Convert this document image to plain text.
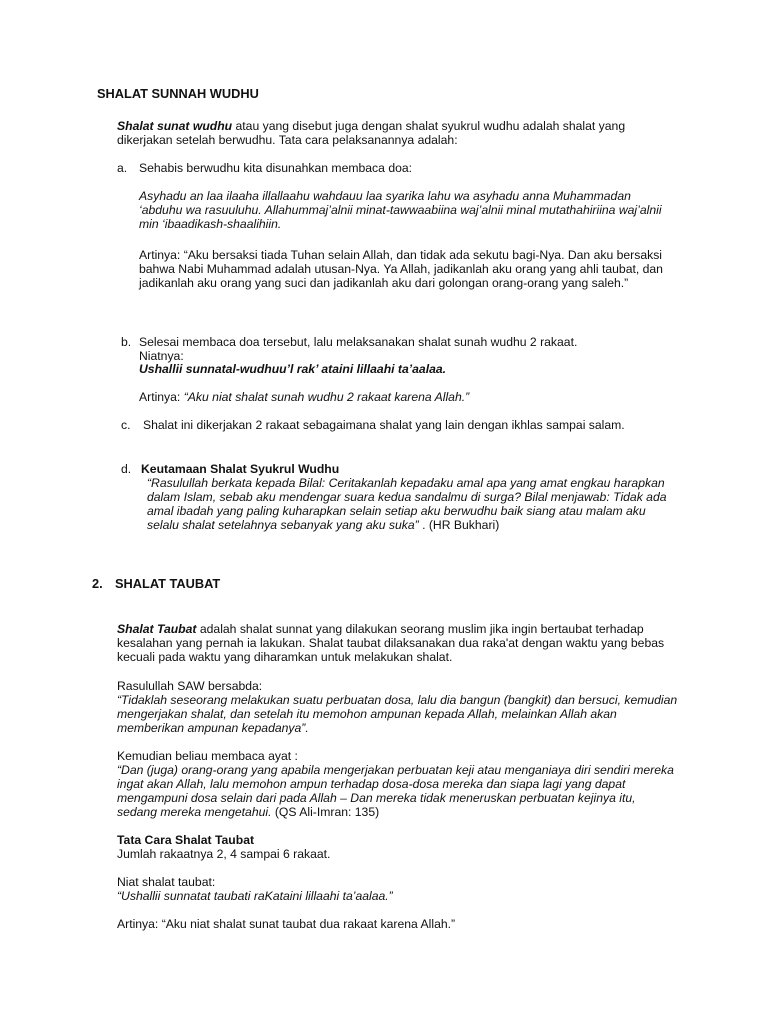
SHALAT SUNNAH WUDHU

Shalat sunat wudhu atau yang disebut juga dengan shalat syukrul wudhu adalah shalat yang dikerjakan setelah berwudhu. Tata cara pelaksanannya adalah:

a. Sehabis berwudhu kita disunahkan membaca doa:

Asyhadu an laa ilaaha illallaahu wahdauu laa syarika lahu wa asyhadu anna Muhammadan ‘abduhu wa rasuuluhu. Allahummaj’alnii minat-tawwaabiina waj’alnii minal mutathahiriina waj’alnii min ‘ibaadikash-shaalihiin.

Artinya: “Aku bersaksi tiada Tuhan selain Allah, dan tidak ada sekutu bagi-Nya. Dan aku bersaksi bahwa Nabi Muhammad adalah utusan-Nya. Ya Allah, jadikanlah aku orang yang ahli taubat, dan jadikanlah aku orang yang suci dan jadikanlah aku dari golongan orang-orang yang saleh.”

b. Selesai membaca doa tersebut, lalu melaksanakan shalat sunah wudhu 2 rakaat.
Niatnya:
Ushallii sunnatal-wudhuu’l rak’ ataini lillaahi ta’aalaa.
Artinya: “Aku niat shalat sunah wudhu 2 rakaat karena Allah.”
c. Shalat ini dikerjakan 2 rakaat sebagaimana shalat yang lain dengan ikhlas sampai salam.
d. Keutamaan Shalat Syukrul Wudhu

“Rasulullah berkata kepada Bilal: Ceritakanlah kepadaku amal apa yang amat engkau harapkan dalam Islam, sebab aku mendengar suara kedua sandalmu di surga? Bilal menjawab: Tidak ada amal ibadah yang paling kuharapkan selain setiap aku berwudhu baik siang atau malam aku selalu shalat setelahnya sebanyak yang aku suka” . (HR Bukhari)

2. SHALAT TAUBAT

Shalat Taubat adalah shalat sunnat yang dilakukan seorang muslim jika ingin bertaubat terhadap kesalahan yang pernah ia lakukan. Shalat taubat dilaksanakan dua raka'at dengan waktu yang bebas kecuali pada waktu yang diharamkan untuk melakukan shalat.

Rasulullah SAW bersabda:

“Tidaklah seseorang melakukan suatu perbuatan dosa, lalu dia bangun (bangkit) dan bersuci, kemudian mengerjakan shalat, dan setelah itu memohon ampunan kepada Allah, melainkan Allah akan memberikan ampunan kepadanya”.

Kemudian beliau membaca ayat :

“Dan (juga) orang-orang yang apabila mengerjakan perbuatan keji atau menganiaya diri sendiri mereka ingat akan Allah, lalu memohon ampun terhadap dosa-dosa mereka dan siapa lagi yang dapat mengampuni dosa selain dari pada Allah – Dan mereka tidak meneruskan perbuatan kejinya itu, sedang mereka mengetahui. (QS Ali-Imran: 135)

Tata Cara Shalat Taubat
Jumlah rakaatnya 2, 4 sampai 6 rakaat.
Niat shalat taubat:
“Ushallii sunnatat taubati raKataini lillaahi ta’aalaa.”
Artinya: “Aku niat shalat sunat taubat dua rakaat karena Allah.”
